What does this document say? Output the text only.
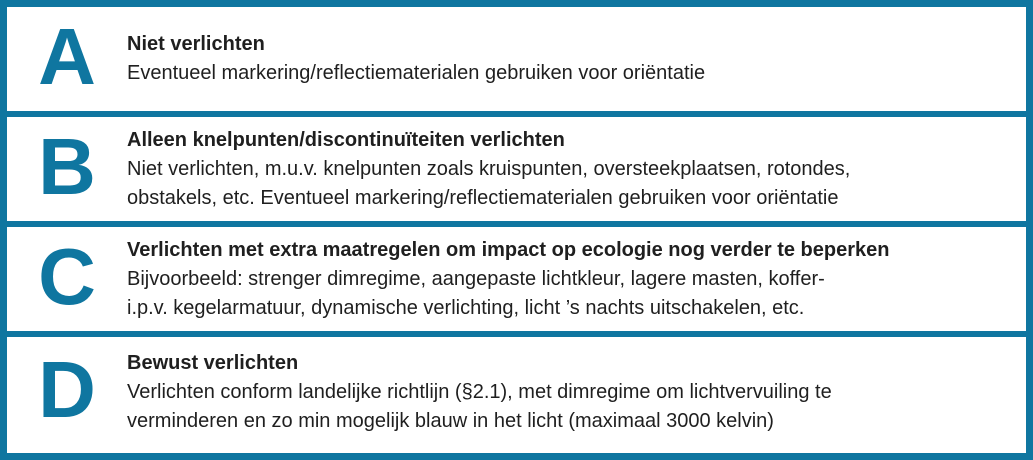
A Niet verlichten
Eventueel markering/reflectiematerialen gebruiken voor oriëntatie
B Alleen knelpunten/discontinuïteiten verlichten
Niet verlichten, m.u.v. knelpunten zoals kruispunten, oversteekplaatsen, rotondes,
obstakels, etc. Eventueel markering/reflectiematerialen gebruiken voor oriëntatie
C Verlichten met extra maatregelen om impact op ecologie nog verder te beperken
Bijvoorbeeld: strenger dimregime, aangepaste lichtkleur, lagere masten, koffer-
i.p.v. kegelarmatuur, dynamische verlichting, licht ’s nachts uitschakelen, etc.
D Bewust verlichten
Verlichten conform landelijke richtlijn (§2.1), met dimregime om lichtvervuiling te
verminderen en zo min mogelijk blauw in het licht (maximaal 3000 kelvin)
